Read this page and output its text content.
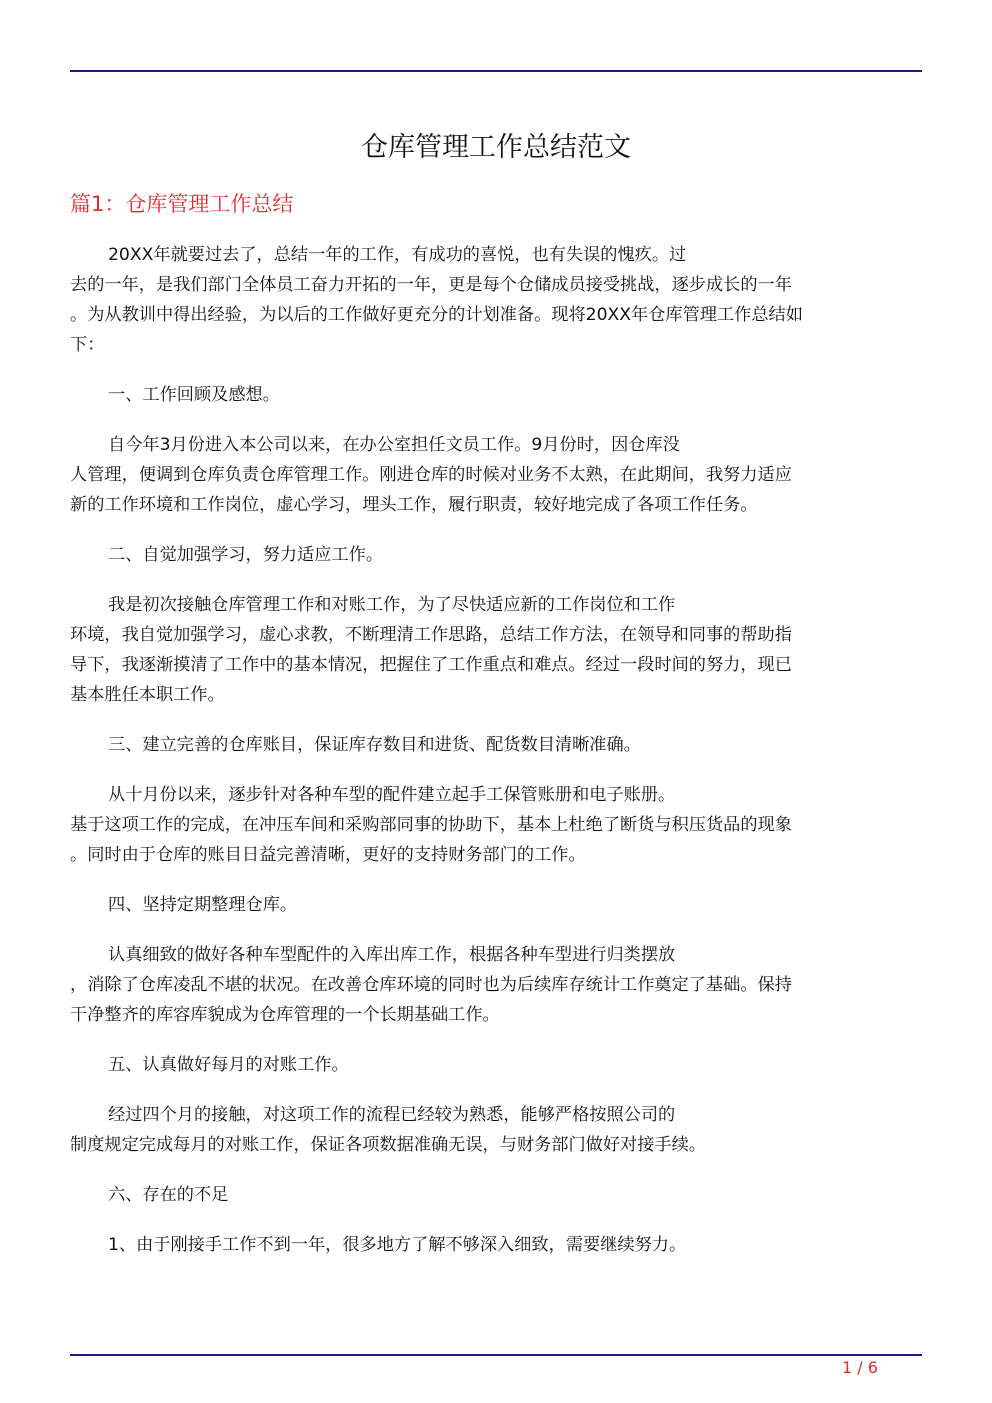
仓库管理工作总结范文
篇1：仓库管理工作总结
20XX年就要过去了，总结一年的工作，有成功的喜悦，也有失误的愧疚。过
去的一年，是我们部门全体员工奋力开拓的一年，更是每个仓储成员接受挑战，逐步成长的一年
。为从教训中得出经验，为以后的工作做好更充分的计划准备。现将20XX年仓库管理工作总结如
下：
一、工作回顾及感想。
自今年3月份进入本公司以来，在办公室担任文员工作。9月份时，因仓库没
人管理，便调到仓库负责仓库管理工作。刚进仓库的时候对业务不太熟，在此期间，我努力适应
新的工作环境和工作岗位，虚心学习，埋头工作，履行职责，较好地完成了各项工作任务。
二、自觉加强学习，努力适应工作。
我是初次接触仓库管理工作和对账工作，为了尽快适应新的工作岗位和工作
环境，我自觉加强学习，虚心求教，不断理清工作思路，总结工作方法，在领导和同事的帮助指
导下，我逐渐摸清了工作中的基本情况，把握住了工作重点和难点。经过一段时间的努力，现已
基本胜任本职工作。
三、建立完善的仓库账目，保证库存数目和进货、配货数目清晰准确。
从十月份以来，逐步针对各种车型的配件建立起手工保管账册和电子账册。
基于这项工作的完成，在冲压车间和采购部同事的协助下，基本上杜绝了断货与积压货品的现象
。同时由于仓库的账目日益完善清晰，更好的支持财务部门的工作。
四、坚持定期整理仓库。
认真细致的做好各种车型配件的入库出库工作，根据各种车型进行归类摆放
，消除了仓库凌乱不堪的状况。在改善仓库环境的同时也为后续库存统计工作奠定了基础。保持
干净整齐的库容库貌成为仓库管理的一个长期基础工作。
五、认真做好每月的对账工作。
经过四个月的接触，对这项工作的流程已经较为熟悉，能够严格按照公司的
制度规定完成每月的对账工作，保证各项数据准确无误，与财务部门做好对接手续。
六、存在的不足
1、由于刚接手工作不到一年，很多地方了解不够深入细致，需要继续努力。
1 / 6
